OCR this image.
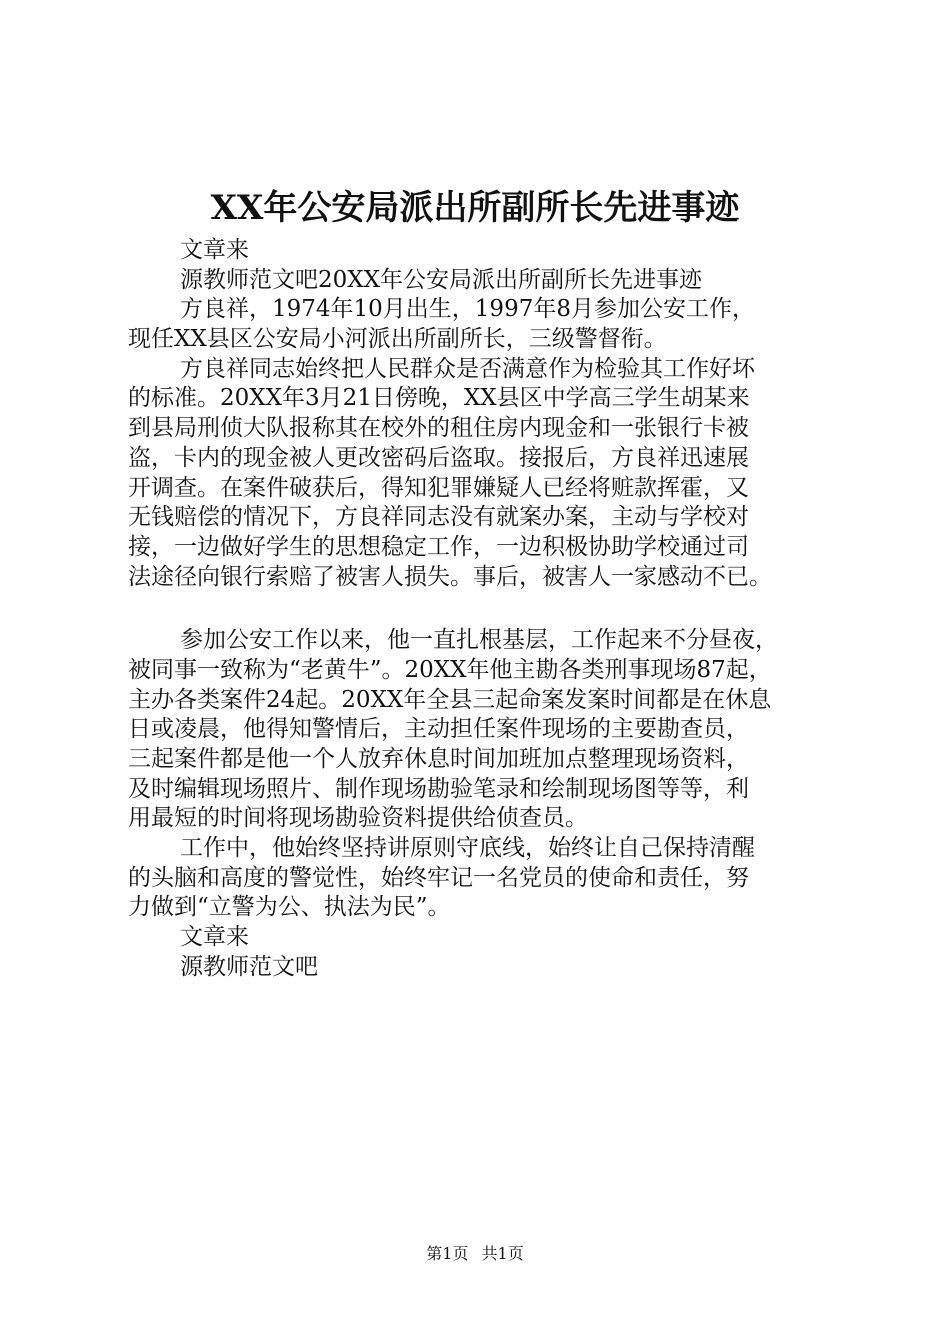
XX年公安局派出所副所长先进事迹
文章来
源教师范文吧20XX年公安局派出所副所长先进事迹
方良祥，1974年10月出生，1997年8月参加公安工作，
现任XX县区公安局小河派出所副所长，三级警督衔。
方良祥同志始终把人民群众是否满意作为检验其工作好坏
的标准。20XX年3月21日傍晚，XX县区中学高三学生胡某来
到县局刑侦大队报称其在校外的租住房内现金和一张银行卡被
盗，卡内的现金被人更改密码后盗取。接报后，方良祥迅速展
开调查。在案件破获后，得知犯罪嫌疑人已经将赃款挥霍，又
无钱赔偿的情况下，方良祥同志没有就案办案，主动与学校对
接，一边做好学生的思想稳定工作，一边积极协助学校通过司
法途径向银行索赔了被害人损失。事后，被害人一家感动不已。
参加公安工作以来，他一直扎根基层，工作起来不分昼夜，
被同事一致称为“老黄牛”。20XX年他主勘各类刑事现场87起，
主办各类案件24起。20XX年全县三起命案发案时间都是在休息
日或凌晨，他得知警情后，主动担任案件现场的主要勘查员，
三起案件都是他一个人放弃休息时间加班加点整理现场资料，
及时编辑现场照片、制作现场勘验笔录和绘制现场图等等，利
用最短的时间将现场勘验资料提供给侦查员。
工作中，他始终坚持讲原则守底线，始终让自己保持清醒
的头脑和高度的警觉性，始终牢记一名党员的使命和责任，努
力做到“立警为公、执法为民”。
文章来
源教师范文吧
第1页 共1页
